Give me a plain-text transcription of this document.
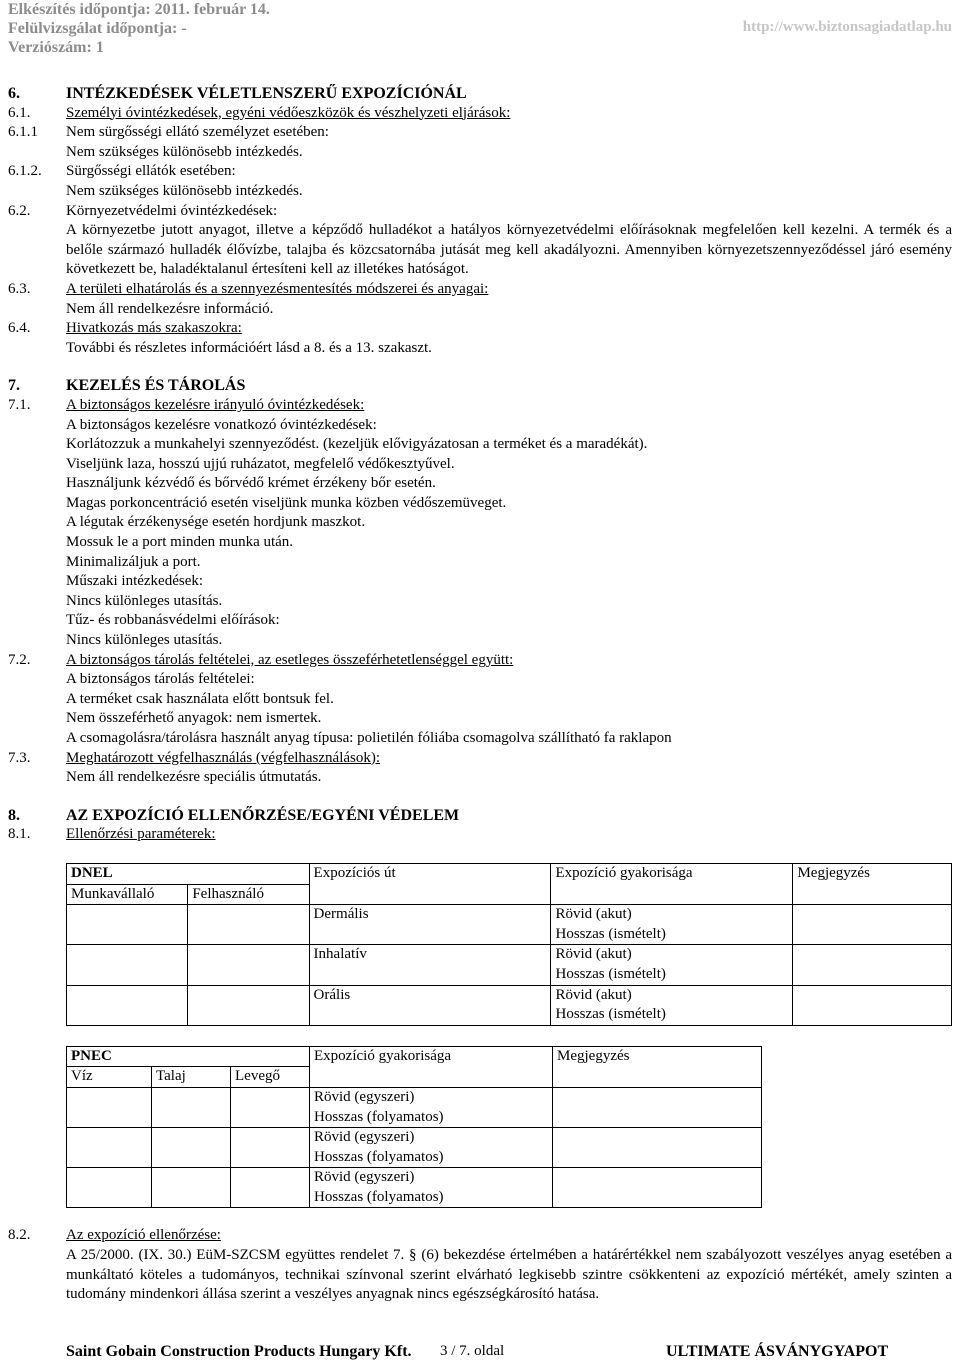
Elkészítés időpontja: 2011. február 14.
Felülvizsgálat időpontja: -
Verziószám: 1
http://www.biztonsagiadatlap.hu
6.	INTÉZKEDÉSEK VÉLETLENSZERŰ EXPOZÍCIÓNÁL
6.1.	Személyi óvintézkedések, egyéni védőeszközök és vészhelyzeti eljárások:
6.1.1	Nem sürgősségi ellátó személyzet esetében:
Nem szükséges különösebb intézkedés.
6.1.2.	Sürgősségi ellátók esetében:
Nem szükséges különösebb intézkedés.
6.2.	Környezetvédelmi óvintézkedések:
A környezetbe jutott anyagot, illetve a képződő hulladékot a hatályos környezetvédelmi előírásoknak megfelelően kell kezelni. A termék és a belőle származó hulladék élővízbe, talajba és közcsatornába jutását meg kell akadályozni. Amennyiben környezetszennyeződéssel járó esemény következett be, haladéktalanul értesíteni kell az illetékes hatóságot.
6.3.	A területi elhatárolás és a szennyezésmentesítés módszerei és anyagai:
Nem áll rendelkezésre információ.
6.4.	Hivatkozás más szakaszokra:
További és részletes információért lásd a 8. és a 13. szakaszt.
7.	KEZELÉS ÉS TÁROLÁS
7.1.	A biztonságos kezelésre irányuló óvintézkedések:
A biztonságos kezelésre vonatkozó óvintézkedések:
Korlátozzuk a munkahelyi szennyeződést. (kezeljük elővigyázatosan a terméket és a maradékát).
Viseljünk laza, hosszú ujjú ruházatot, megfelelő védőkesztyűvel.
Használjunk kézvédő és bőrvédő krémet érzékeny bőr esetén.
Magas porkoncentráció esetén viseljünk munka közben védőszemüveget.
A légutak érzékenysége esetén hordjunk maszkot.
Mossuk le a port minden munka után.
Minimalizáljuk a port.
Műszaki intézkedések:
Nincs különleges utasítás.
Tűz- és robbanásvédelmi előírások:
Nincs különleges utasítás.
7.2.	A biztonságos tárolás feltételei, az esetleges összeférhetetlenséggel együtt:
A biztonságos tárolás feltételei:
A terméket csak használata előtt bontsuk fel.
Nem összeférhető anyagok: nem ismertek.
A csomagolásra/tárolásra használt anyag típusa: polietilén fóliába csomagolva szállítható fa raklapon
7.3.	Meghatározott végfelhasználás (végfelhasználások):
Nem áll rendelkezésre speciális útmutatás.
8.	AZ EXPOZÍCIÓ ELLENŐRZÉSE/EGYÉNI VÉDELEM
8.1.	Ellenőrzési paraméterek:
DNEL		Expozíciós út	Expozíció gyakorisága	Megjegyzés
Munkavállaló	Felhasználó			
		Dermális	Rövid (akut)
Hosszas (ismételt)	

		Inhalatív	Rövid (akut)
Hosszas (ismételt)	

		Orális	Rövid (akut)
Hosszas (ismételt)	

PNEC			Expozíció gyakorisága	Megjegyzés
Víz	Talaj	Levegő		

			Rövid (egyszeri)
Hosszas (folyamatos)	

			Rövid (egyszeri)
Hosszas (folyamatos)	

			Rövid (egyszeri)
Hosszas (folyamatos)	

8.2.	Az expozíció ellenőrzése:
A 25/2000. (IX. 30.) EüM-SZCSM együttes rendelet 7. § (6) bekezdése értelmében a határértékkel nem szabályozott veszélyes anyag esetében a munkáltató köteles a tudományos, technikai színvonal szerint elvárható legkisebb szintre csökkenteni az expozíció mértékét, amely szinten a tudomány mindenkori állása szerint a veszélyes anyagnak nincs egészségkárosító hatása.
Saint Gobain Construction Products Hungary Kft. 3 / 7. oldal	ULTIMATE ÁSVÁNYGYAPOT
